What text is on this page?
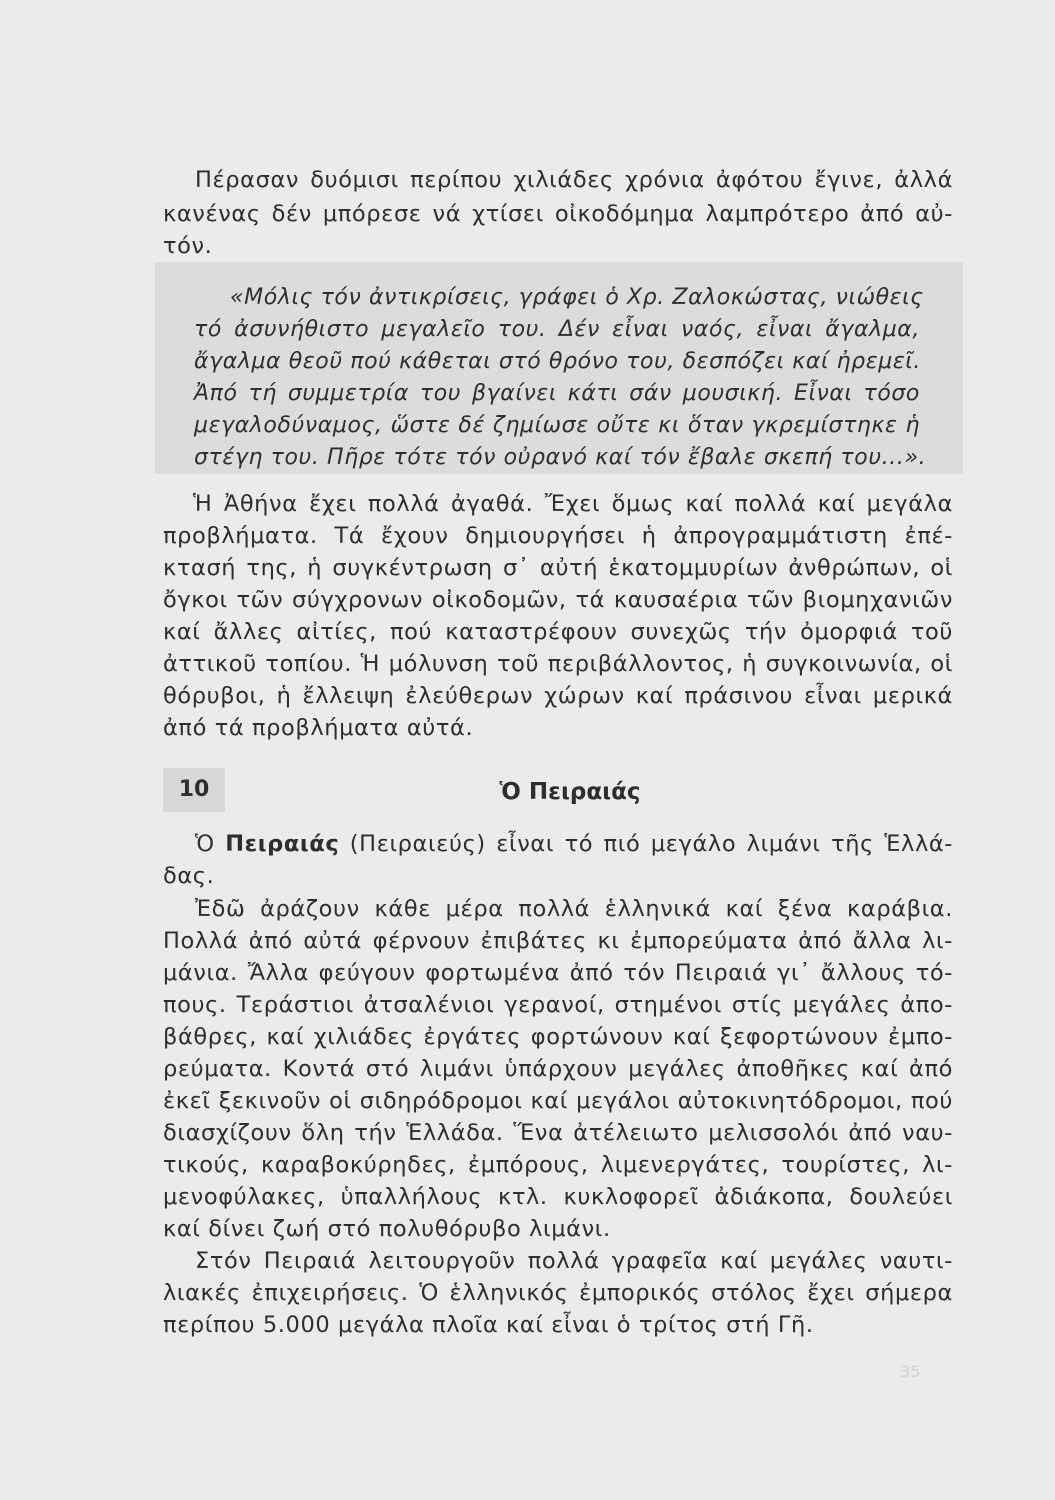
Πέρασαν δυόμισι περίπου χιλιάδες χρόνια ἀφότου ἔγινε, ἀλλά
κανένας δέν μπόρεσε νά χτίσει οἰκοδόμημα λαμπρότερο ἀπό αὐ-
τόν.
«Μόλις τόν ἀντικρίσεις, γράφει ὁ Χρ. Ζαλοκώστας, νιώθεις
τό ἀσυνήθιστο μεγαλεῖο του. Δέν εἶναι ναός, εἶναι ἄγαλμα,
ἄγαλμα θεοῦ πού κάθεται στό θρόνο του, δεσπόζει καί ἠρεμεῖ.
Ἀπό τή συμμετρία του βγαίνει κάτι σάν μουσική. Εἶναι τόσο
μεγαλοδύναμος, ὥστε δέ ζημίωσε οὔτε κι ὅταν γκρεμίστηκε ἡ
στέγη του. Πῆρε τότε τόν οὐρανό καί τόν ἔβαλε σκεπή του...».
Ἡ Ἀθήνα ἔχει πολλά ἀγαθά. Ἔχει ὅμως καί πολλά καί μεγάλα
προβλήματα. Τά ἔχουν δημιουργήσει ἡ ἀπρογραμμάτιστη ἐπέ-
κτασή της, ἡ συγκέντρωση σ᾿ αὐτή ἑκατομμυρίων ἀνθρώπων, οἱ
ὄγκοι τῶν σύγχρονων οἰκοδομῶν, τά καυσαέρια τῶν βιομηχανιῶν
καί ἄλλες αἰτίες, πού καταστρέφουν συνεχῶς τήν ὀμορφιά τοῦ
ἀττικοῦ τοπίου. Ἡ μόλυνση τοῦ περιβάλλοντος, ἡ συγκοινωνία, οἱ
θόρυβοι, ἡ ἔλλειψη ἐλεύθερων χώρων καί πράσινου εἶναι μερικά
ἀπό τά προβλήματα αὐτά.
10	Ὁ Πειραιάς
Ὁ Πειραιάς (Πειραιεύς) εἶναι τό πιό μεγάλο λιμάνι τῆς Ἑλλά-
δας.
Ἐδῶ ἀράζουν κάθε μέρα πολλά ἑλληνικά καί ξένα καράβια.
Πολλά ἀπό αὐτά φέρνουν ἐπιβάτες κι ἐμπορεύματα ἀπό ἄλλα λι-
μάνια. Ἄλλα φεύγουν φορτωμένα ἀπό τόν Πειραιά γι᾿ ἄλλους τό-
πους. Τεράστιοι ἀτσαλένιοι γερανοί, στημένοι στίς μεγάλες ἀπο-
βάθρες, καί χιλιάδες ἐργάτες φορτώνουν καί ξεφορτώνουν ἐμπο-
ρεύματα. Κοντά στό λιμάνι ὑπάρχουν μεγάλες ἀποθῆκες καί ἀπό
ἐκεῖ ξεκινοῦν οἱ σιδηρόδρομοι καί μεγάλοι αὐτοκινητόδρομοι, πού
διασχίζουν ὅλη τήν Ἑλλάδα. Ἕνα ἀτέλειωτο μελισσολόι ἀπό ναυ-
τικούς, καραβοκύρηδες, ἐμπόρους, λιμενεργάτες, τουρίστες, λι-
μενοφύλακες, ὑπαλλήλους κτλ. κυκλοφορεῖ ἀδιάκοπα, δουλεύει
καί δίνει ζωή στό πολυθόρυβο λιμάνι.
Στόν Πειραιά λειτουργοῦν πολλά γραφεῖα καί μεγάλες ναυτι-
λιακές ἐπιχειρήσεις. Ὁ ἑλληνικός ἐμπορικός στόλος ἔχει σήμερα
περίπου 5.000 μεγάλα πλοῖα καί εἶναι ὁ τρίτος στή Γῆ.
35
